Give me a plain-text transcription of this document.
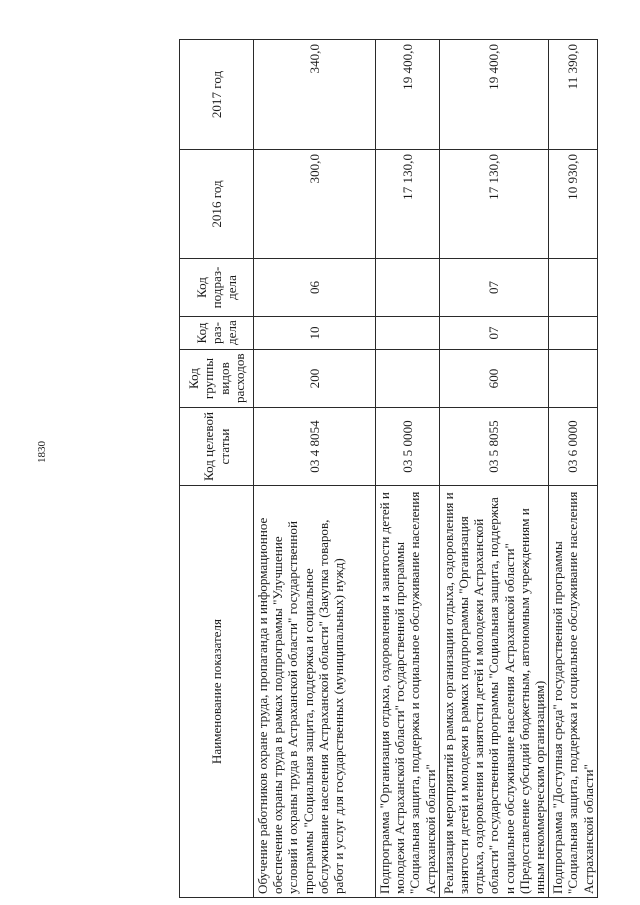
1830
Наименование показателя	Код целевой статьи	Код группы видов расходов	Код раз-дела	Код подраз-дела	2016 год	2017 год
Обучение работников охране труда, пропаганда и информационное обеспечение охраны труда в рамках подпрограммы "Улучшение условий и охраны труда в Астраханской области" государственной программы "Социальная защита, поддержка и социальное обслуживание населения Астраханской области" (Закупка товаров, работ и услуг для государственных (муниципальных) нужд)	03 4 8054	200	10	06	300,0	340,0
Подпрограмма "Организация отдыха, оздоровления и занятости детей и молодежи Астраханской области" государственной программы "Социальная защита, поддержка и социальное обслуживание населения Астраханской области"	03 5 0000				17 130,0	19 400,0
Реализация мероприятий в рамках организации отдыха, оздоровления и занятости детей и молодежи в рамках подпрограммы "Организация отдыха, оздоровления и занятости детей и молодежи Астраханской области" государственной программы "Социальная защита, поддержка и социальное обслуживание населения Астраханской области" (Предоставление субсидий бюджетным, автономным учреждениям и иным некоммерческим организациям)	03 5 8055	600	07	07	17 130,0	19 400,0
Подпрограмма "Доступная среда" государственной программы "Социальная защита, поддержка и социальное обслуживание населения Астраханской области"	03 6 0000				10 930,0	11 390,0
